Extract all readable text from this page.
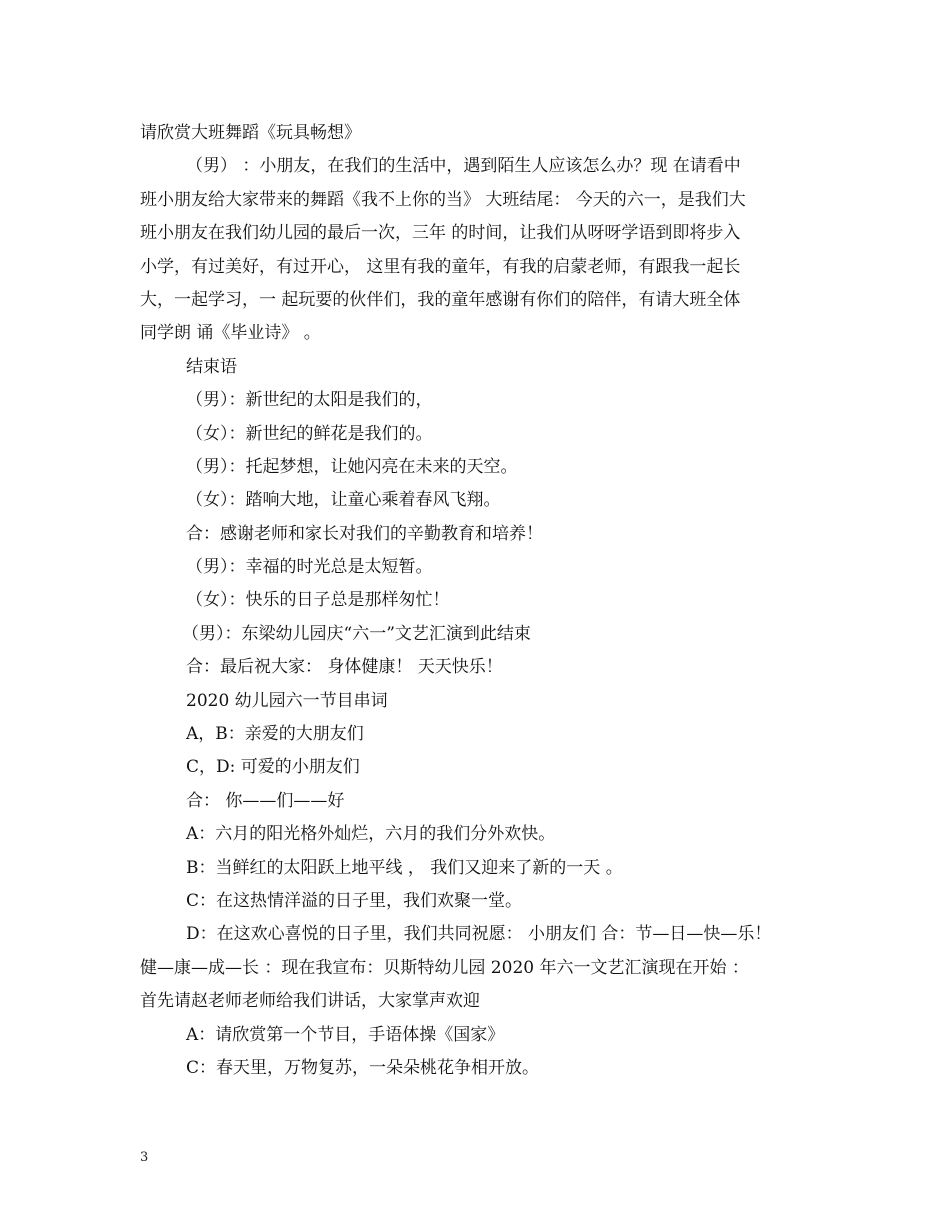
请欣赏大班舞蹈《玩具畅想》
（男） ：小朋友，在我们的生活中，遇到陌生人应该怎么办？现 在请看中
班小朋友给大家带来的舞蹈《我不上你的当》 大班结尾： 今天的六一，是我们大
班小朋友在我们幼儿园的最后一次，三年 的时间，让我们从呀呀学语到即将步入
小学，有过美好，有过开心， 这里有我的童年，有我的启蒙老师，有跟我一起长
大，一起学习，一 起玩要的伙伴们，我的童年感谢有你们的陪伴，有请大班全体
同学朗 诵《毕业诗》 。
结束语
（男）：新世纪的太阳是我们的，
（女）：新世纪的鲜花是我们的。
（男）：托起梦想，让她闪亮在未来的天空。
（女）：踏响大地，让童心乘着春风飞翔。
合：感谢老师和家长对我们的辛勤教育和培养！
（男）：幸福的时光总是太短暂。
（女）：快乐的日子总是那样匆忙！
（男）：东梁幼儿园庆“六一”文艺汇演到此结束
合：最后祝大家： 身体健康！ 天天快乐！
2020 幼儿园六一节目串词
A，B：亲爱的大朋友们
C，D: 可爱的小朋友们
合： 你——们——好
A：六月的阳光格外灿烂，六月的我们分外欢快。
B：当鲜红的太阳跃上地平线 ， 我们又迎来了新的一天 。
C：在这热情洋溢的日子里，我们欢聚一堂。
D：在这欢心喜悦的日子里，我们共同祝愿： 小朋友们 合：节—日—快—乐！
健—康—成—长 ：现在我宣布：贝斯特幼儿园 2020 年六一文艺汇演现在开始 ：
首先请赵老师老师给我们讲话，大家掌声欢迎
A：请欣赏第一个节目，手语体操《国家》
C：春天里，万物复苏，一朵朵桃花争相开放。
3
